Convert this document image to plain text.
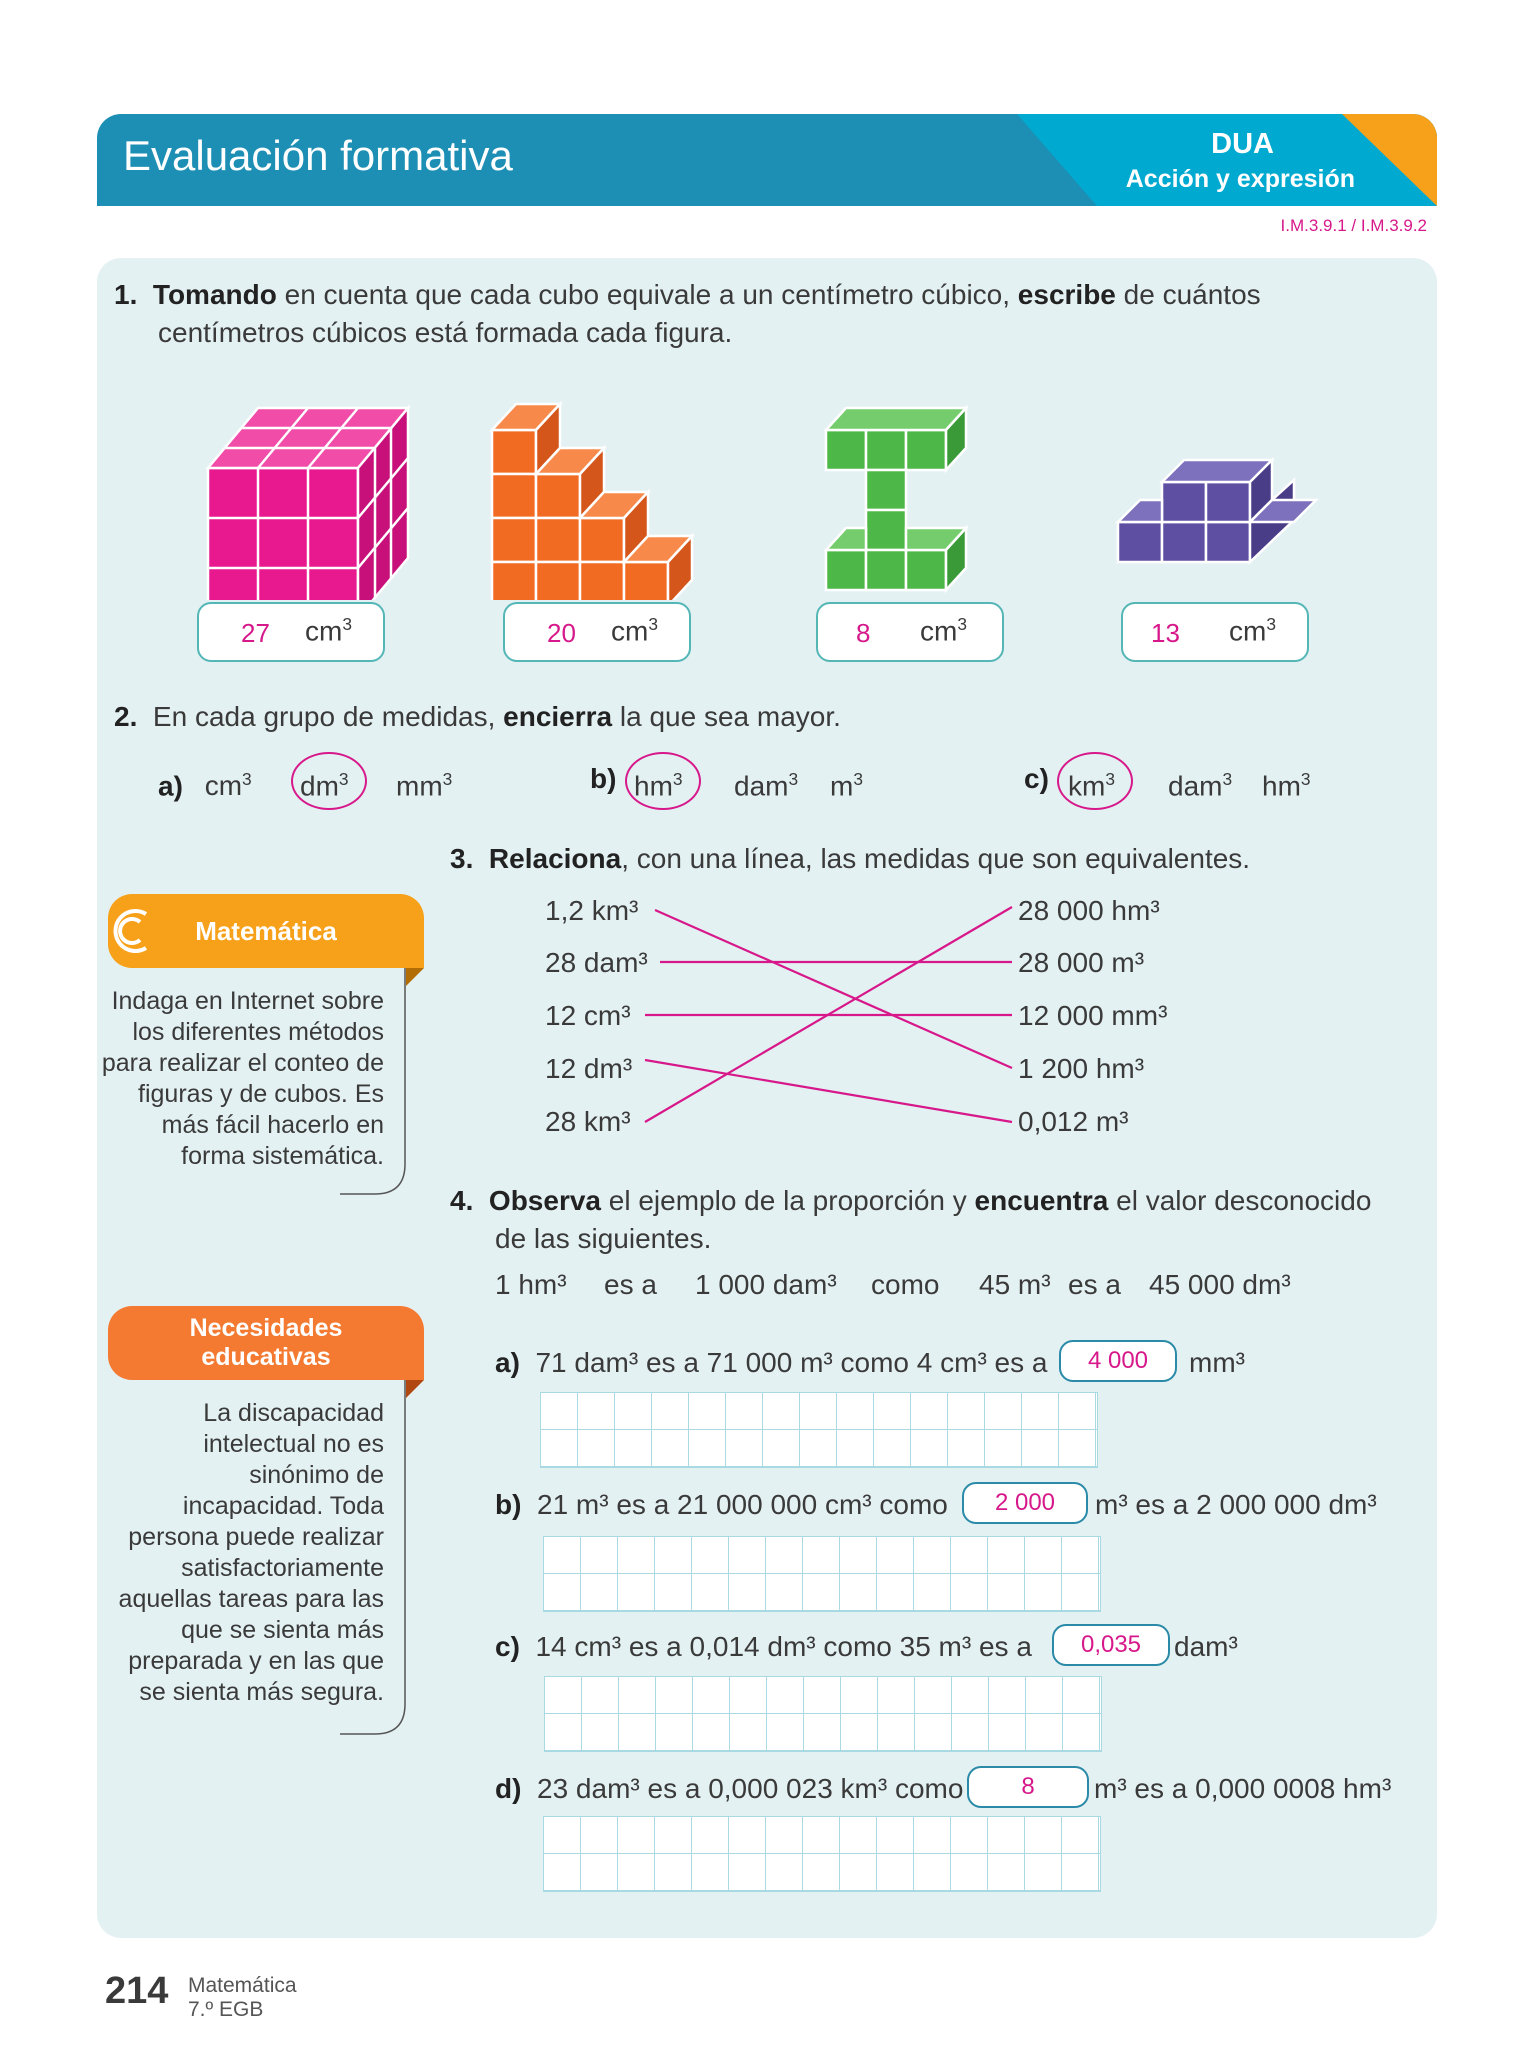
Evaluación formativa	DUA
Acción y expresión
I.M.3.9.1 / I.M.3.9.2
1. Tomando en cuenta que cada cubo equivale a un centímetro cúbico, escribe de cuántos
centímetros cúbicos está formada cada figura.
27 $cm^3$	20 $cm^3$	8 $cm^3$	13 $cm^3$
2. En cada grupo de medidas, encierra la que sea mayor.
a) $cm^3$ $dm^3$ $mm^3$	b) $hm^3$ dam$^3$ $m^3$	c) $km^3$ dam$^3$ $hm^3$
3. Relaciona, con una línea, las medidas que son equivalentes.
1,2 km³
28 dam³
12 cm³
12 dm³
28 km³
28 000 hm³
28 000 m³
12 000 mm³
1 200 hm³
0,012 m³
Matemática
Indaga en Internet sobre
los diferentes métodos
para realizar el conteo de
figuras y de cubos. Es
más fácil hacerlo en
forma sistemática.
Necesidades
educativas
La discapacidad
intelectual no es
sinónimo de
incapacidad. Toda
persona puede realizar
satisfactoriamente
aquellas tareas para las
que se sienta más
preparada y en las que
se sienta más segura.
4. Observa el ejemplo de la proporción y encuentra el valor desconocido
de las siguientes.
1 hm³ es a 1 000 dam³ como 45 m³ es a 45 000 dm³
a) 71 dam³ es a 71 000 m³ como 4 cm³ es a	4 000	mm³
b) 21 m³ es a 21 000 000 cm³ como	2 000	m³ es a 2 000 000 dm³
c) 14 cm³ es a 0,014 dm³ como 35 m³ es a	0,035	dam³
d) 23 dam³ es a 0,000 023 km³ como	8	m³ es a 0,000 0008 hm³
214 Matemática
7.º EGB
